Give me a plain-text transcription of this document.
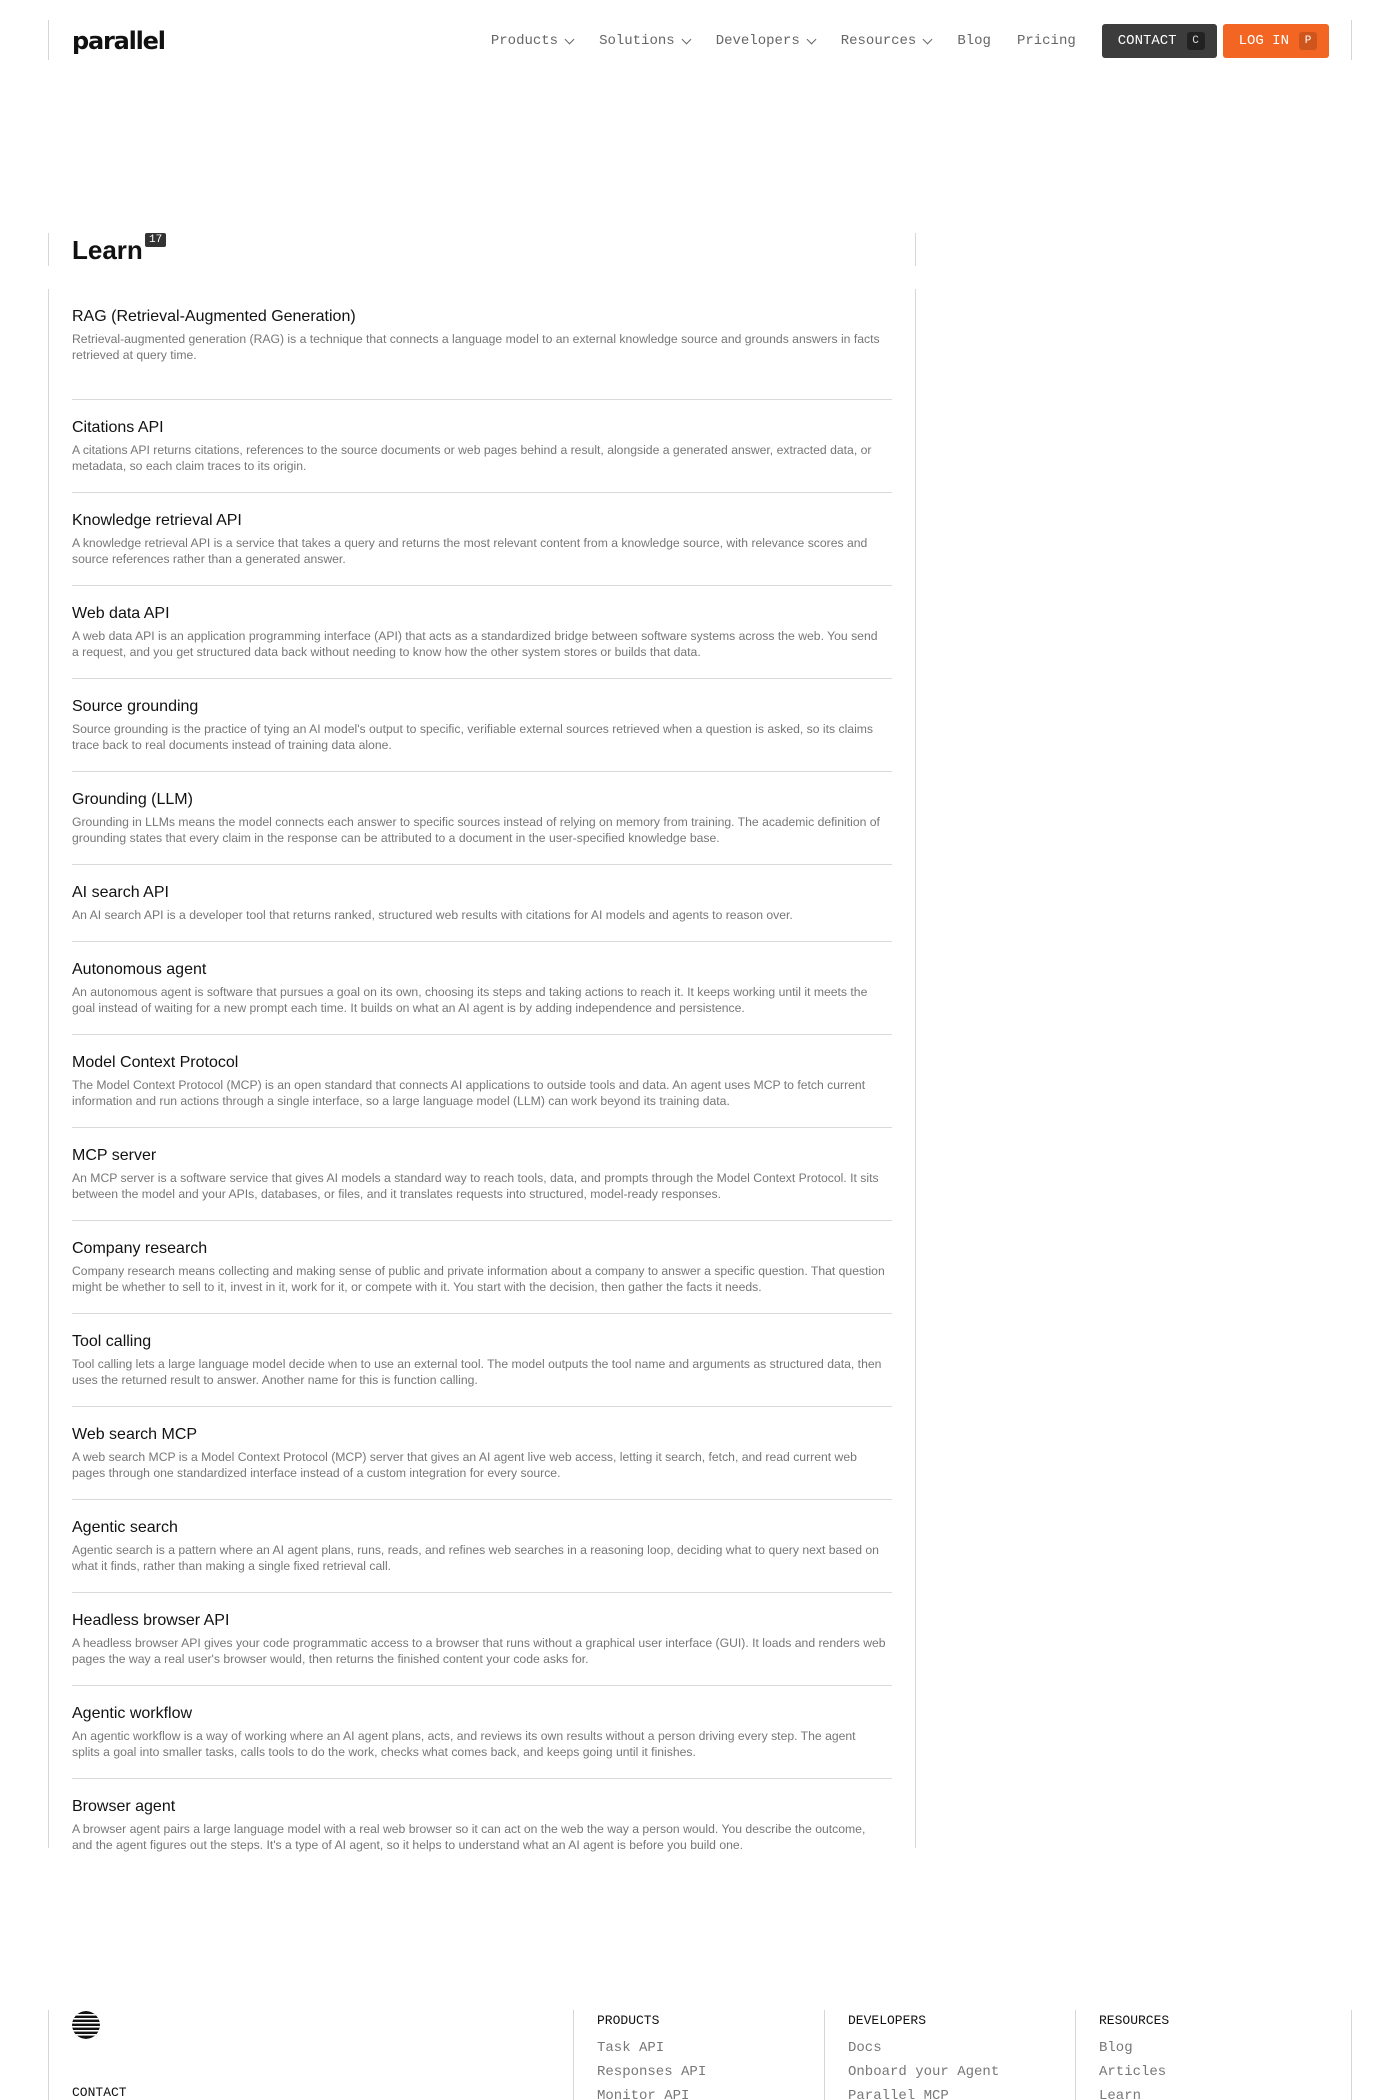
parallel	Products	Solutions	Developers	Resources	Blog Pricing	CONTACT	C	LOG IN	P
Learn 17
RAG (Retrieval-Augmented Generation)
Retrieval-augmented generation (RAG) is a technique that connects a language model to an external knowledge source and grounds answers in facts retrieved at query time.
Citations API
A citations API returns citations, references to the source documents or web pages behind a result, alongside a generated answer, extracted data, or metadata, so each claim traces to its origin.
Knowledge retrieval API
A knowledge retrieval API is a service that takes a query and returns the most relevant content from a knowledge source, with relevance scores and source references rather than a generated answer.
Web data API
A web data API is an application programming interface (API) that acts as a standardized bridge between software systems across the web. You send a request, and you get structured data back without needing to know how the other system stores or builds that data.
Source grounding
Source grounding is the practice of tying an AI model's output to specific, verifiable external sources retrieved when a question is asked, so its claims trace back to real documents instead of training data alone.
Grounding (LLM)
Grounding in LLMs means the model connects each answer to specific sources instead of relying on memory from training. The academic definition of grounding states that every claim in the response can be attributed to a document in the user-specified knowledge base.
AI search API
An AI search API is a developer tool that returns ranked, structured web results with citations for AI models and agents to reason over.
Autonomous agent
An autonomous agent is software that pursues a goal on its own, choosing its steps and taking actions to reach it. It keeps working until it meets the goal instead of waiting for a new prompt each time. It builds on what an AI agent is by adding independence and persistence.
Model Context Protocol
The Model Context Protocol (MCP) is an open standard that connects AI applications to outside tools and data. An agent uses MCP to fetch current information and run actions through a single interface, so a large language model (LLM) can work beyond its training data.
MCP server
An MCP server is a software service that gives AI models a standard way to reach tools, data, and prompts through the Model Context Protocol. It sits between the model and your APIs, databases, or files, and it translates requests into structured, model-ready responses.
Company research
Company research means collecting and making sense of public and private information about a company to answer a specific question. That question might be whether to sell to it, invest in it, work for it, or compete with it. You start with the decision, then gather the facts it needs.
Tool calling
Tool calling lets a large language model decide when to use an external tool. The model outputs the tool name and arguments as structured data, then uses the returned result to answer. Another name for this is function calling.
Web search MCP
A web search MCP is a Model Context Protocol (MCP) server that gives an AI agent live web access, letting it search, fetch, and read current web pages through one standardized interface instead of a custom integration for every source.
Agentic search
Agentic search is a pattern where an AI agent plans, runs, reads, and refines web searches in a reasoning loop, deciding what to query next based on what it finds, rather than making a single fixed retrieval call.
Headless browser API
A headless browser API gives your code programmatic access to a browser that runs without a graphical user interface (GUI). It loads and renders web pages the way a real user's browser would, then returns the finished content your code asks for.
Agentic workflow
An agentic workflow is a way of working where an AI agent plans, acts, and reviews its own results without a person driving every step. The agent splits a goal into smaller tasks, calls tools to do the work, checks what comes back, and keeps going until it finishes.
Browser agent
A browser agent pairs a large language model with a real web browser so it can act on the web the way a person would. You describe the outcome, and the agent figures out the steps. It's a type of AI agent, so it helps to understand what an AI agent is before you build one.
CONTACT
PRODUCTS
Task API
Responses API
Monitor API
DEVELOPERS
Docs
Onboard your Agent
Parallel MCP
RESOURCES
Blog
Articles
Learn
